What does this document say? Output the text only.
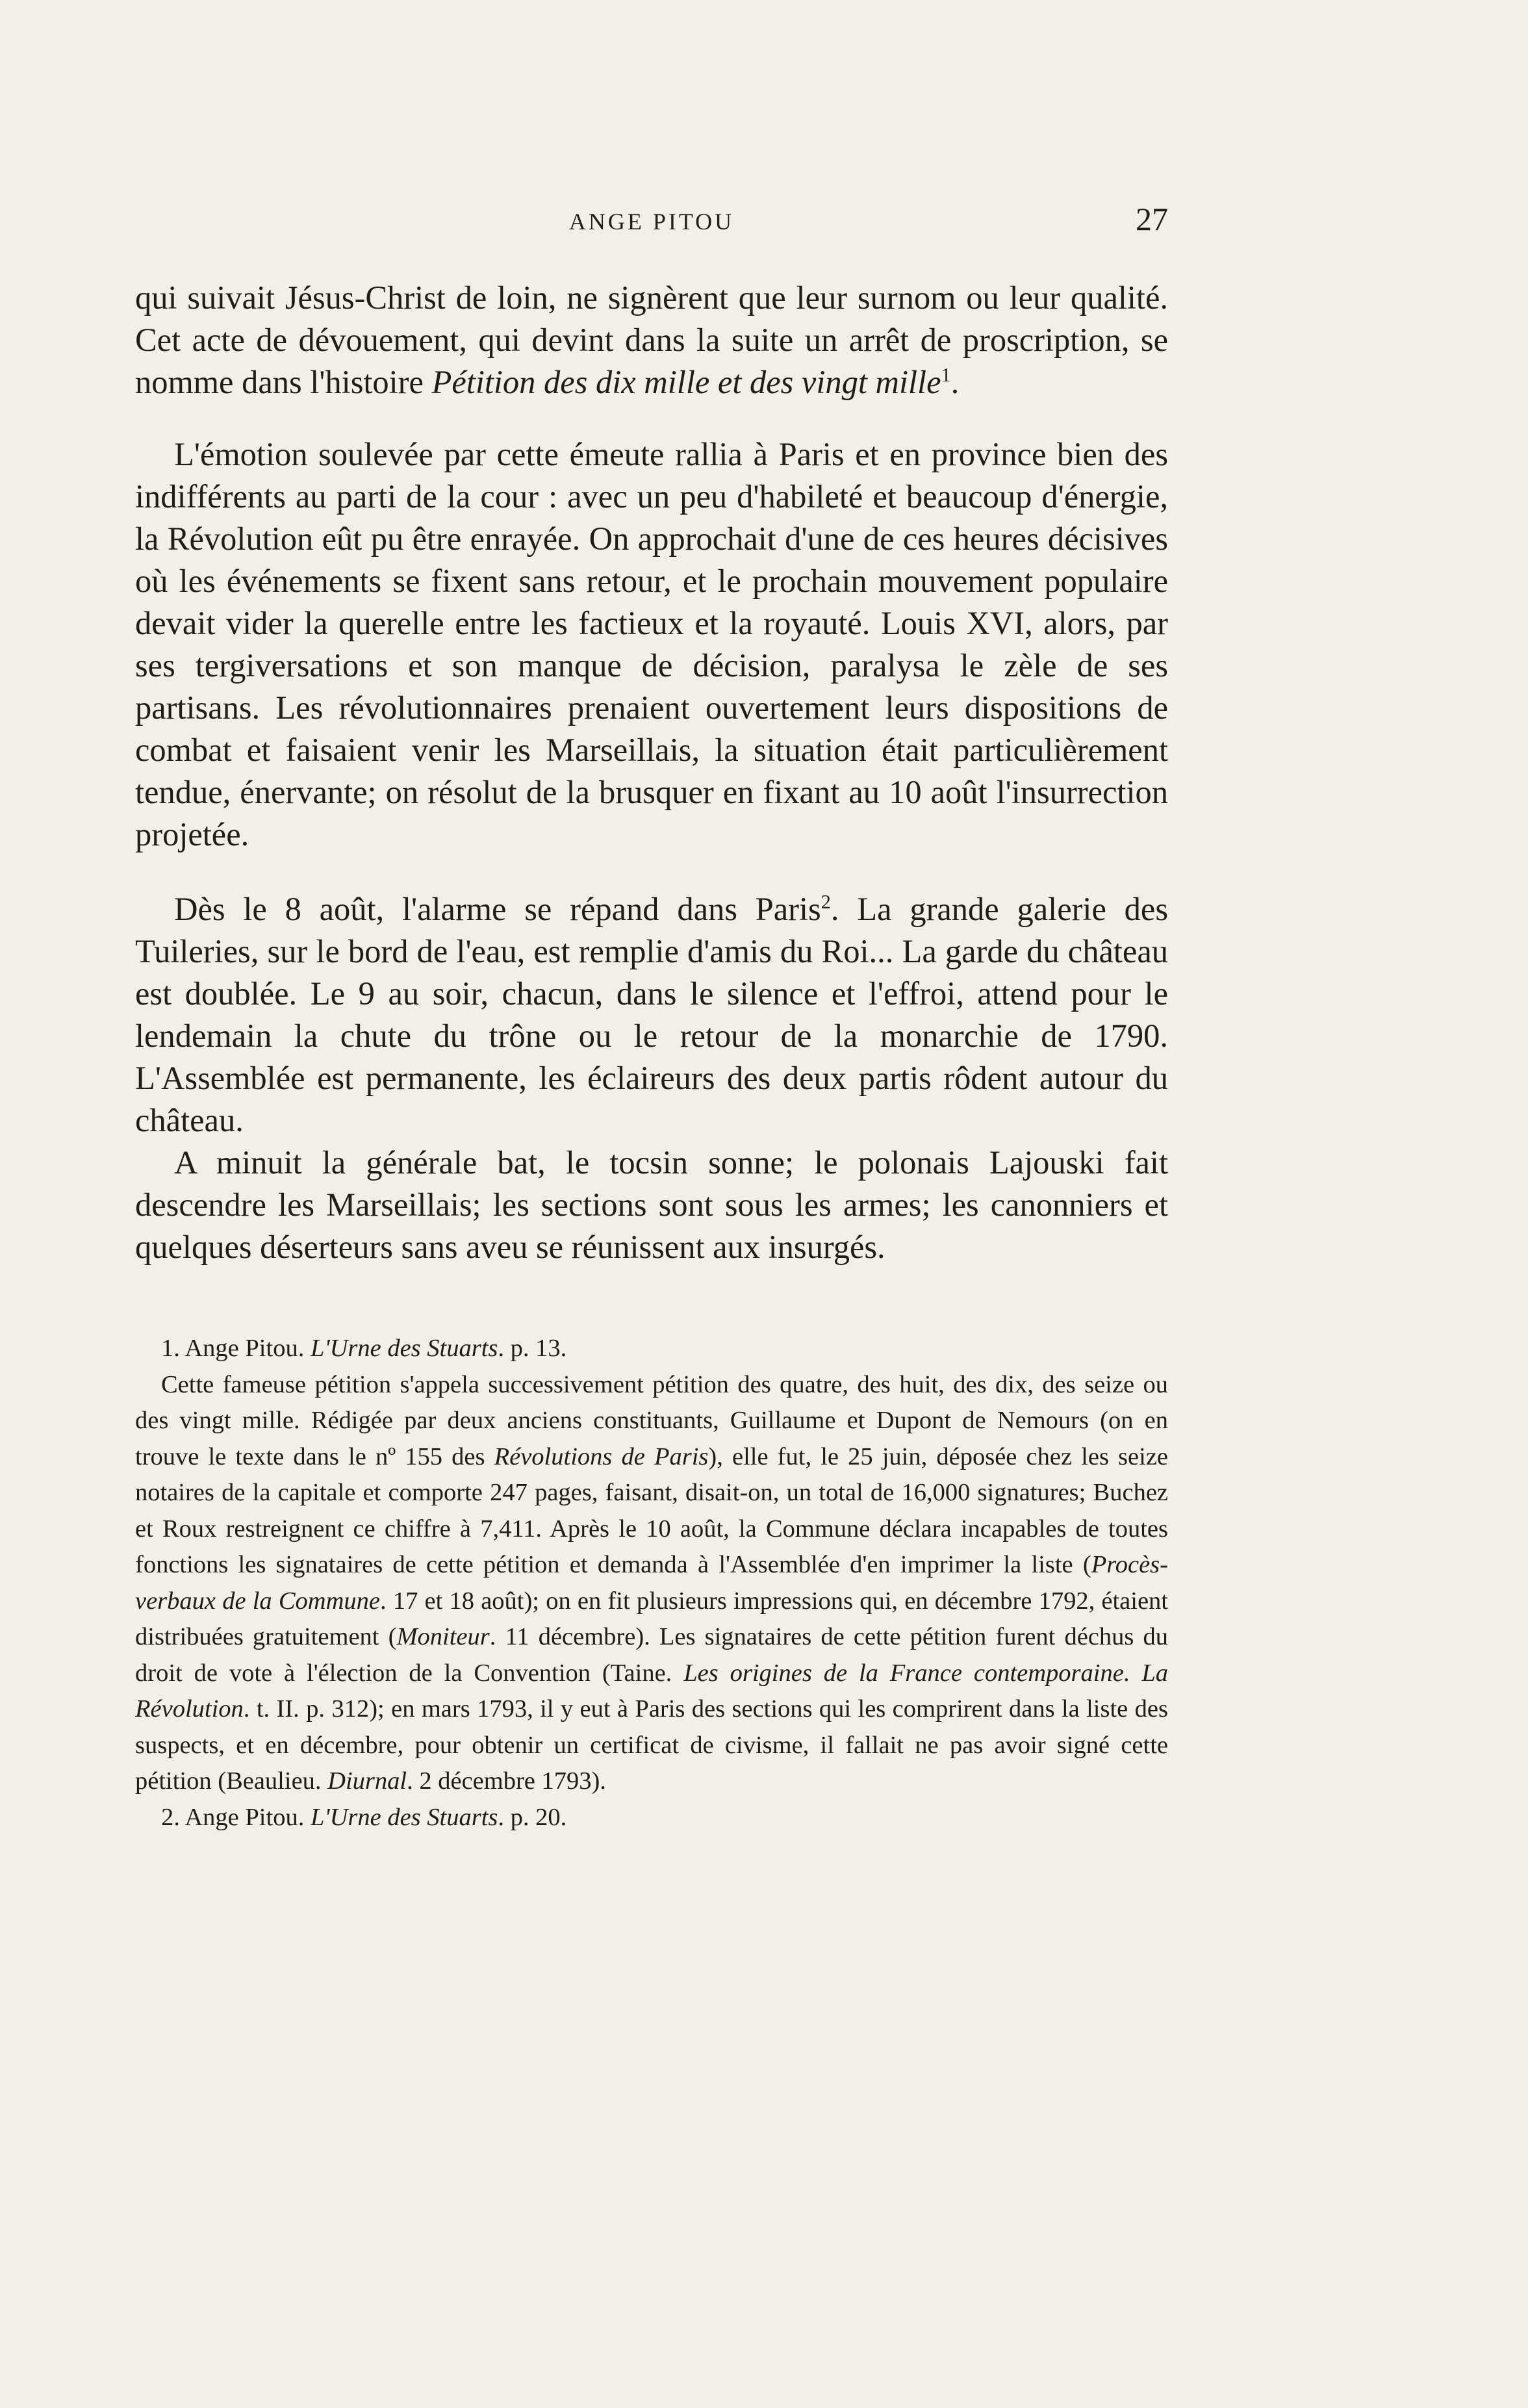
ANGE PITOU	27

qui suivait Jésus-Christ de loin, ne signèrent que leur surnom ou leur qualité. Cet acte de dévouement, qui devint dans la suite un arrêt de proscription, se nomme dans l'histoire Pétition des dix mille et des vingt mille$^1$.

L'émotion soulevée par cette émeute rallia à Paris et en province bien des indifférents au parti de la cour : avec un peu d'habileté et beaucoup d'énergie, la Révolution eût pu être enrayée. On approchait d'une de ces heures décisives où les événements se fixent sans retour, et le prochain mouvement populaire devait vider la querelle entre les factieux et la royauté. Louis XVI, alors, par ses tergiversations et son manque de décision, paralysa le zèle de ses partisans. Les révolutionnaires prenaient ouvertement leurs dispositions de combat et faisaient venir les Marseillais, la situation était particulièrement tendue, énervante; on résolut de la brusquer en fixant au 10 août l'insurrection projetée.

Dès le 8 août, l'alarme se répand dans Paris$^2$. La grande galerie des Tuileries, sur le bord de l'eau, est remplie d'amis du Roi... La garde du château est doublée. Le 9 au soir, chacun, dans le silence et l'effroi, attend pour le lendemain la chute du trône ou le retour de la monarchie de 1790. L'Assemblée est permanente, les éclaireurs des deux partis rôdent autour du château.

A minuit la générale bat, le tocsin sonne; le polonais Lajouski fait descendre les Marseillais; les sections sont sous les armes; les canonniers et quelques déserteurs sans aveu se réunissent aux insurgés.

1. Ange Pitou. L'Urne des Stuarts. p. 13.

Cette fameuse pétition s'appela successivement pétition des quatre, des huit, des dix, des seize ou des vingt mille. Rédigée par deux anciens constituants, Guillaume et Dupont de Nemours (on en trouve le texte dans le nº 155 des Révolutions de Paris), elle fut, le 25 juin, déposée chez les seize notaires de la capitale et comporte 247 pages, faisant, disait-on, un total de 16,000 signatures; Buchez et Roux restreignent ce chiffre à 7,411. Après le 10 août, la Commune déclara incapables de toutes fonctions les signataires de cette pétition et demanda à l'Assemblée d'en imprimer la liste (Procès-verbaux de la Commune. 17 et 18 août); on en fit plusieurs impressions qui, en décembre 1792, étaient distribuées gratuitement (Moniteur. 11 décembre). Les signataires de cette pétition furent déchus du droit de vote à l'élection de la Convention (Taine. Les origines de la France contemporaine. La Révolution. t. II. p. 312); en mars 1793, il y eut à Paris des sections qui les comprirent dans la liste des suspects, et en décembre, pour obtenir un certificat de civisme, il fallait ne pas avoir signé cette pétition (Beaulieu. Diurnal. 2 décembre 1793).

2. Ange Pitou. L'Urne des Stuarts. p. 20.
